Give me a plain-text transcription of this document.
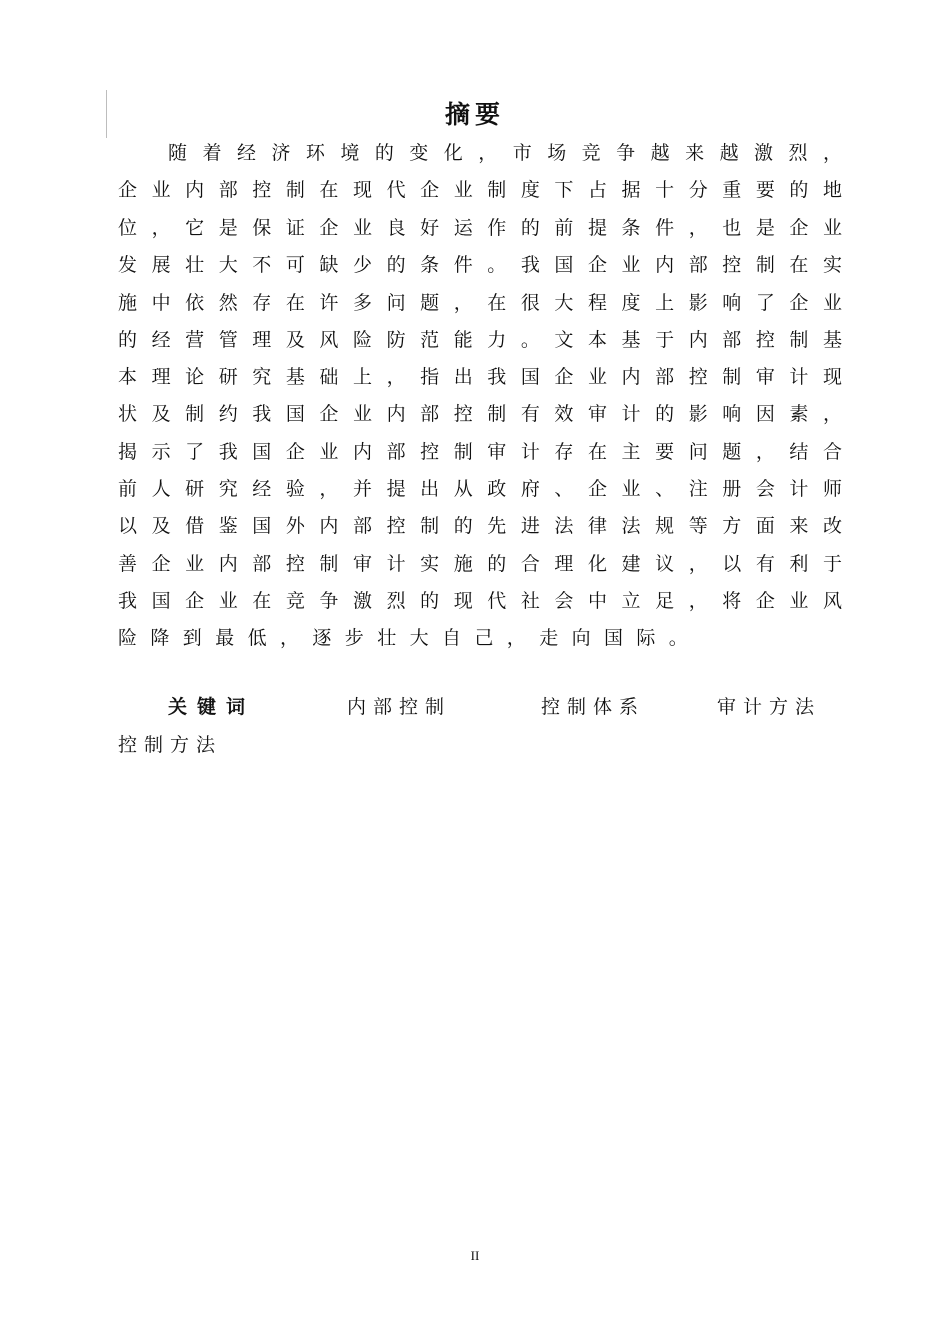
摘要
随着经济环境的变化，市场竞争越来越激烈，
企业内部控制在现代企业制度下占据十分重要的地
位，它是保证企业良好运作的前提条件，也是企业
发展壮大不可缺少的条件。我国企业内部控制在实
施中依然存在许多问题，在很大程度上影响了企业
的经营管理及风险防范能力。文本基于内部控制基
本理论研究基础上，指出我国企业内部控制审计现
状及制约我国企业内部控制有效审计的影响因素，
揭示了我国企业内部控制审计存在主要问题，结合
前人研究经验，并提出从政府、企业、注册会计师
以及借鉴国外内部控制的先进法律法规等方面来改
善企业内部控制审计实施的合理化建议，以有利于
我国企业在竞争激烈的现代社会中立足，将企业风
险降到最低，逐步壮大自己，走向国际。
关键词	内部控制	控制体系	审计方法
控制方法
II
